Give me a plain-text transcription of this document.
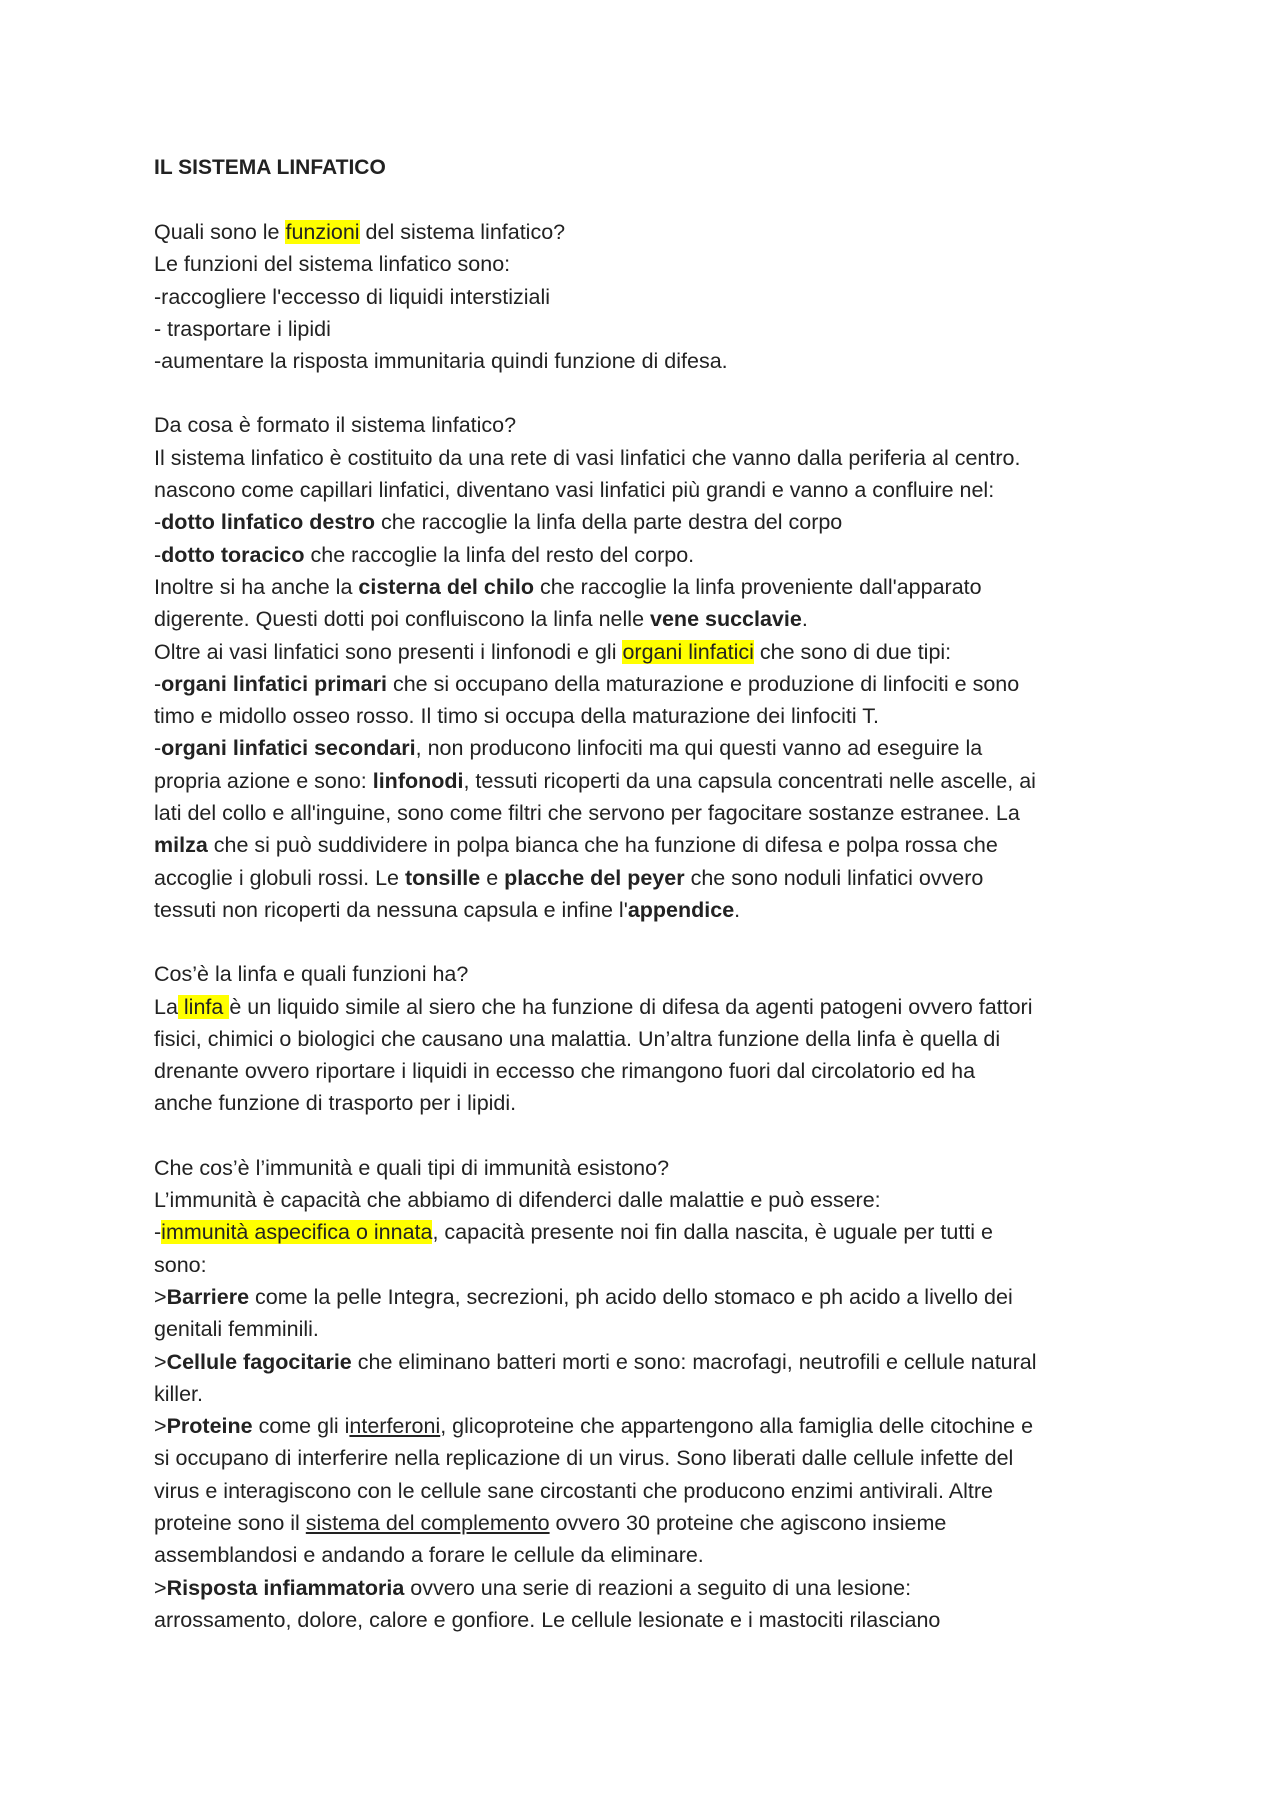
IL SISTEMA LINFATICO

Quali sono le funzioni del sistema linfatico?

Le funzioni del sistema linfatico sono:

-raccogliere l'eccesso di liquidi interstiziali

- trasportare i lipidi

-aumentare la risposta immunitaria quindi funzione di difesa.

Da cosa è formato il sistema linfatico?

Il sistema linfatico è costituito da una rete di vasi linfatici che vanno dalla periferia al centro.

nascono come capillari linfatici, diventano vasi linfatici più grandi e vanno a confluire nel:

-dotto linfatico destro che raccoglie la linfa della parte destra del corpo

-dotto toracico che raccoglie la linfa del resto del corpo.

Inoltre si ha anche la cisterna del chilo che raccoglie la linfa proveniente dall'apparato

digerente. Questi dotti poi confluiscono la linfa nelle vene succlavie.

Oltre ai vasi linfatici sono presenti i linfonodi e gli organi linfatici che sono di due tipi:

-organi linfatici primari che si occupano della maturazione e produzione di linfociti e sono

timo e midollo osseo rosso. Il timo si occupa della maturazione dei linfociti T.

-organi linfatici secondari, non producono linfociti ma qui questi vanno ad eseguire la

propria azione e sono: linfonodi, tessuti ricoperti da una capsula concentrati nelle ascelle, ai

lati del collo e all'inguine, sono come filtri che servono per fagocitare sostanze estranee. La

milza che si può suddividere in polpa bianca che ha funzione di difesa e polpa rossa che

accoglie i globuli rossi. Le tonsille e placche del peyer che sono noduli linfatici ovvero

tessuti non ricoperti da nessuna capsula e infine l'appendice.

Cos’è la linfa e quali funzioni ha?

La linfa è un liquido simile al siero che ha funzione di difesa da agenti patogeni ovvero fattori

fisici, chimici o biologici che causano una malattia. Un’altra funzione della linfa è quella di

drenante ovvero riportare i liquidi in eccesso che rimangono fuori dal circolatorio ed ha

anche funzione di trasporto per i lipidi.

Che cos’è l’immunità e quali tipi di immunità esistono?

L’immunità è capacità che abbiamo di difenderci dalle malattie e può essere:

-immunità aspecifica o innata, capacità presente noi fin dalla nascita, è uguale per tutti e

sono:

>Barriere come la pelle Integra, secrezioni, ph acido dello stomaco e ph acido a livello dei

genitali femminili.

>Cellule fagocitarie che eliminano batteri morti e sono: macrofagi, neutrofili e cellule natural

killer.

>Proteine come gli interferoni, glicoproteine che appartengono alla famiglia delle citochine e

si occupano di interferire nella replicazione di un virus. Sono liberati dalle cellule infette del

virus e interagiscono con le cellule sane circostanti che producono enzimi antivirali. Altre

proteine sono il sistema del complemento ovvero 30 proteine che agiscono insieme

assemblandosi e andando a forare le cellule da eliminare.

>Risposta infiammatoria ovvero una serie di reazioni a seguito di una lesione:

arrossamento, dolore, calore e gonfiore. Le cellule lesionate e i mastociti rilasciano
